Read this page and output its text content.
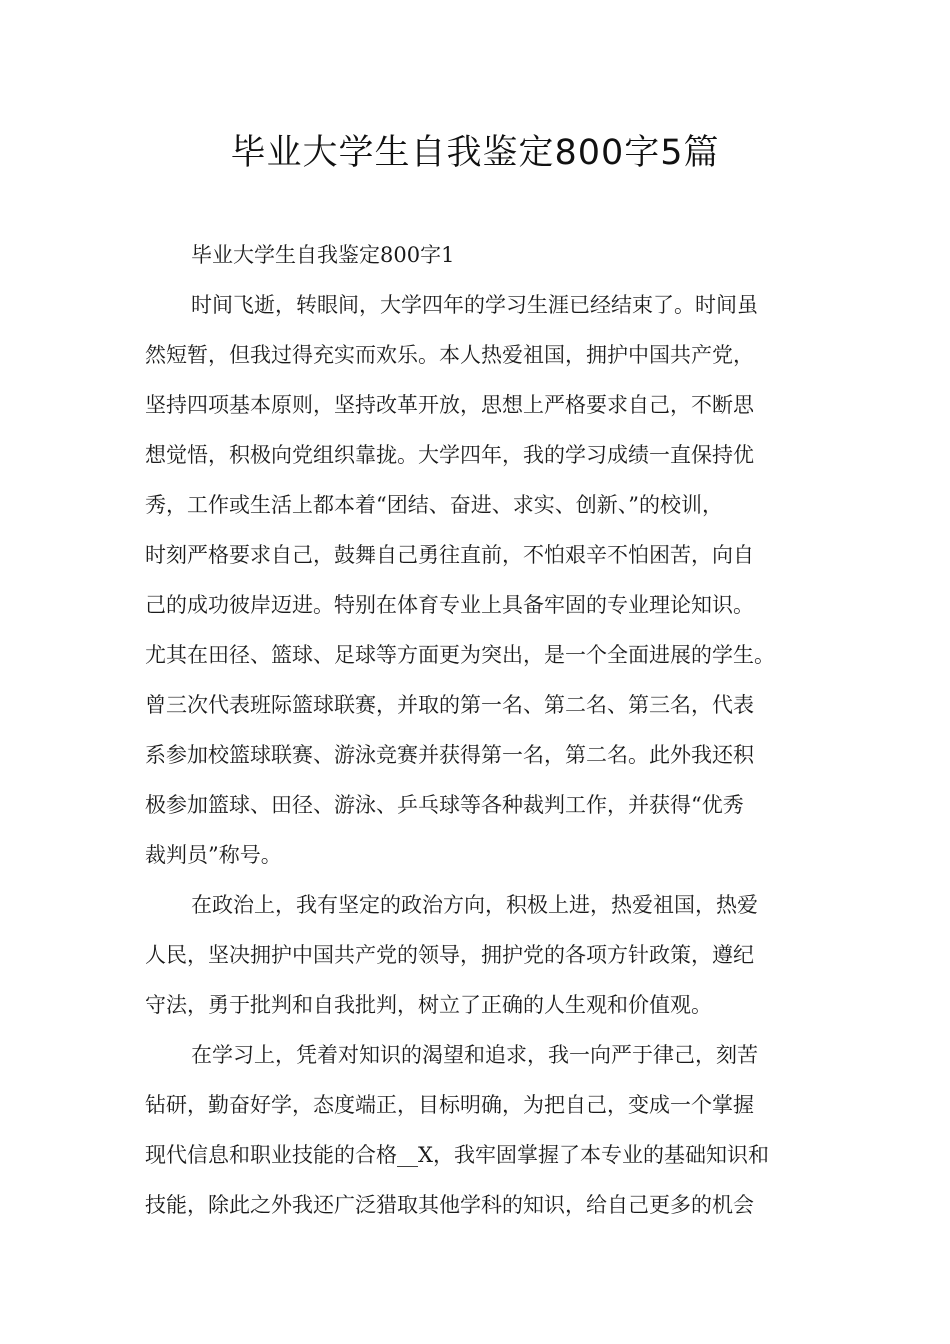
毕业大学生自我鉴定800字5篇
毕业大学生自我鉴定800字1
时间飞逝，转眼间，大学四年的学习生涯已经结束了。时间虽
然短暂，但我过得充实而欢乐。本人热爱祖国，拥护中国共产党，
坚持四项基本原则，坚持改革开放，思想上严格要求自己，不断思
想觉悟，积极向党组织靠拢。大学四年，我的学习成绩一直保持优
秀，工作或生活上都本着“团结、奋进、求实、创新、”的校训，
时刻严格要求自己，鼓舞自己勇往直前，不怕艰辛不怕困苦，向自
己的成功彼岸迈进。特别在体育专业上具备牢固的专业理论知识。
尤其在田径、篮球、足球等方面更为突出，是一个全面进展的学生。
曾三次代表班际篮球联赛，并取的第一名、第二名、第三名，代表
系参加校篮球联赛、游泳竞赛并获得第一名，第二名。此外我还积
极参加篮球、田径、游泳、乒乓球等各种裁判工作，并获得“优秀
裁判员”称号。
在政治上，我有坚定的政治方向，积极上进，热爱祖国，热爱
人民，坚决拥护中国共产党的领导，拥护党的各项方针政策，遵纪
守法，勇于批判和自我批判，树立了正确的人生观和价值观。
在学习上，凭着对知识的渴望和追求，我一向严于律己，刻苦
钻研，勤奋好学，态度端正，目标明确，为把自己，变成一个掌握
现代信息和职业技能的合格__X，我牢固掌握了本专业的基础知识和
技能，除此之外我还广泛猎取其他学科的知识，给自己更多的机会
